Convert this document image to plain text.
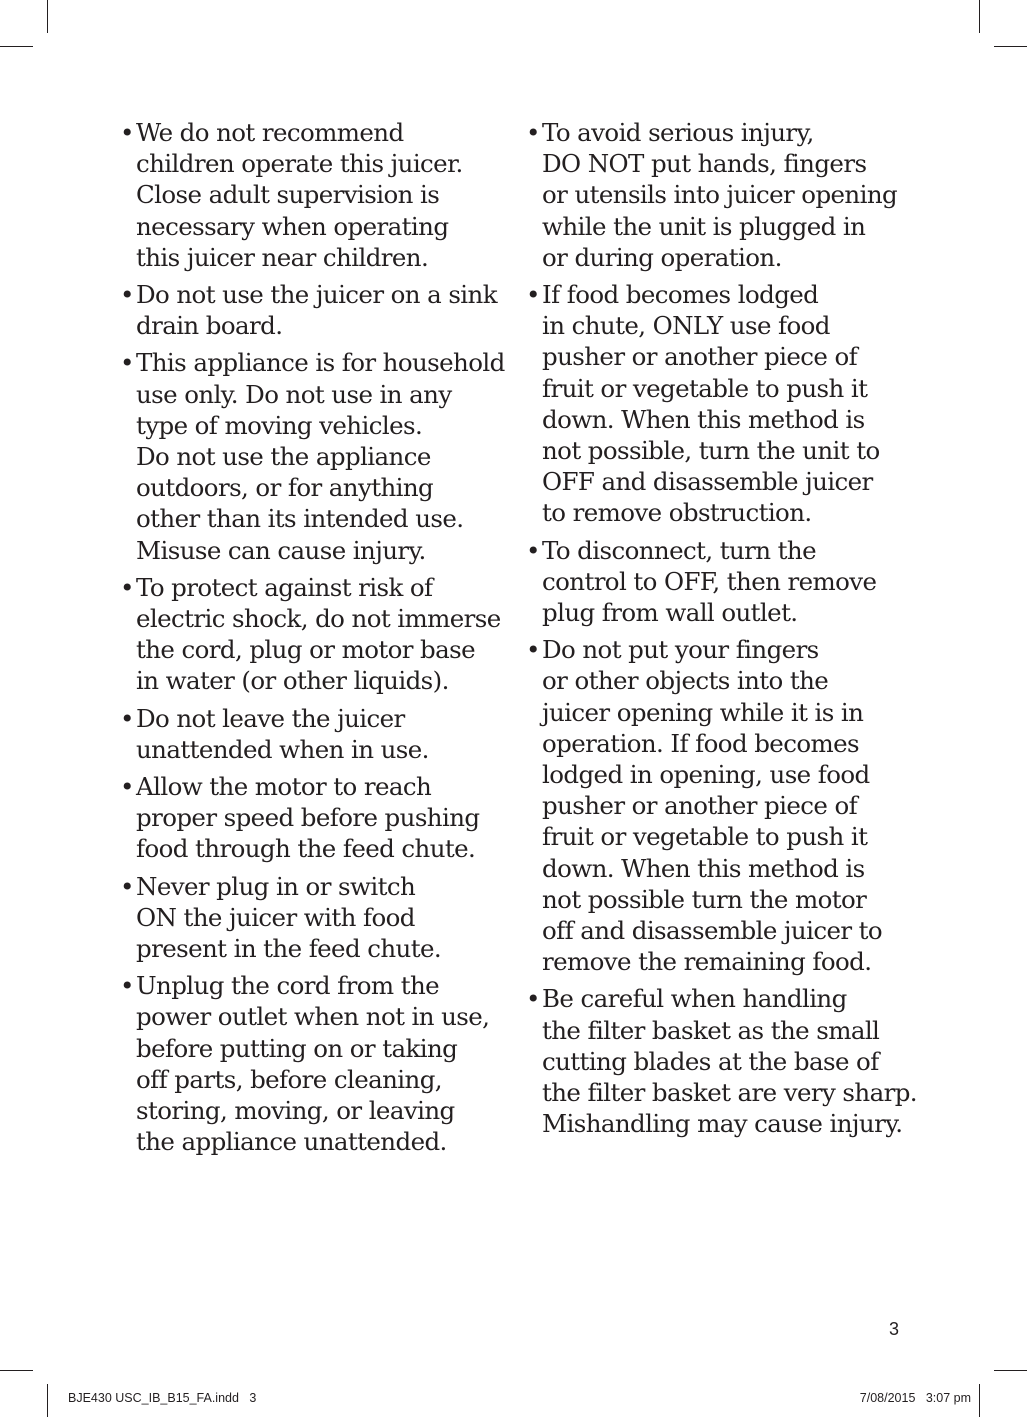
• We do not recommend
children operate this juicer.
Close adult supervision is
necessary when operating
this juicer near children.
• Do not use the juicer on a sink
drain board.
• This appliance is for household
use only. Do not use in any
type of moving vehicles.
Do not use the appliance
outdoors, or for anything
other than its intended use.
Misuse can cause injury.
• To protect against risk of
electric shock, do not immerse
the cord, plug or motor base
in water (or other liquids).
• Do not leave the juicer
unattended when in use.
• Allow the motor to reach
proper speed before pushing
food through the feed chute.
• Never plug in or switch
ON the juicer with food
present in the feed chute.
• Unplug the cord from the
power outlet when not in use,
before putting on or taking
off parts, before cleaning,
storing, moving, or leaving
the appliance unattended.
• To avoid serious injury,
DO NOT put hands, fingers
or utensils into juicer opening
while the unit is plugged in
or during operation.
• If food becomes lodged
in chute, ONLY use food
pusher or another piece of
fruit or vegetable to push it
down. When this method is
not possible, turn the unit to
OFF and disassemble juicer
to remove obstruction.
• To disconnect, turn the
control to OFF, then remove
plug from wall outlet.
• Do not put your fingers
or other objects into the
juicer opening while it is in
operation. If food becomes
lodged in opening, use food
pusher or another piece of
fruit or vegetable to push it
down. When this method is
not possible turn the motor
off and disassemble juicer to
remove the remaining food.
• Be careful when handling
the filter basket as the small
cutting blades at the base of
the filter basket are very sharp.
Mishandling may cause injury.
3
BJE430 USC_IB_B15_FA.indd   3	7/08/2015   3:07 pm
